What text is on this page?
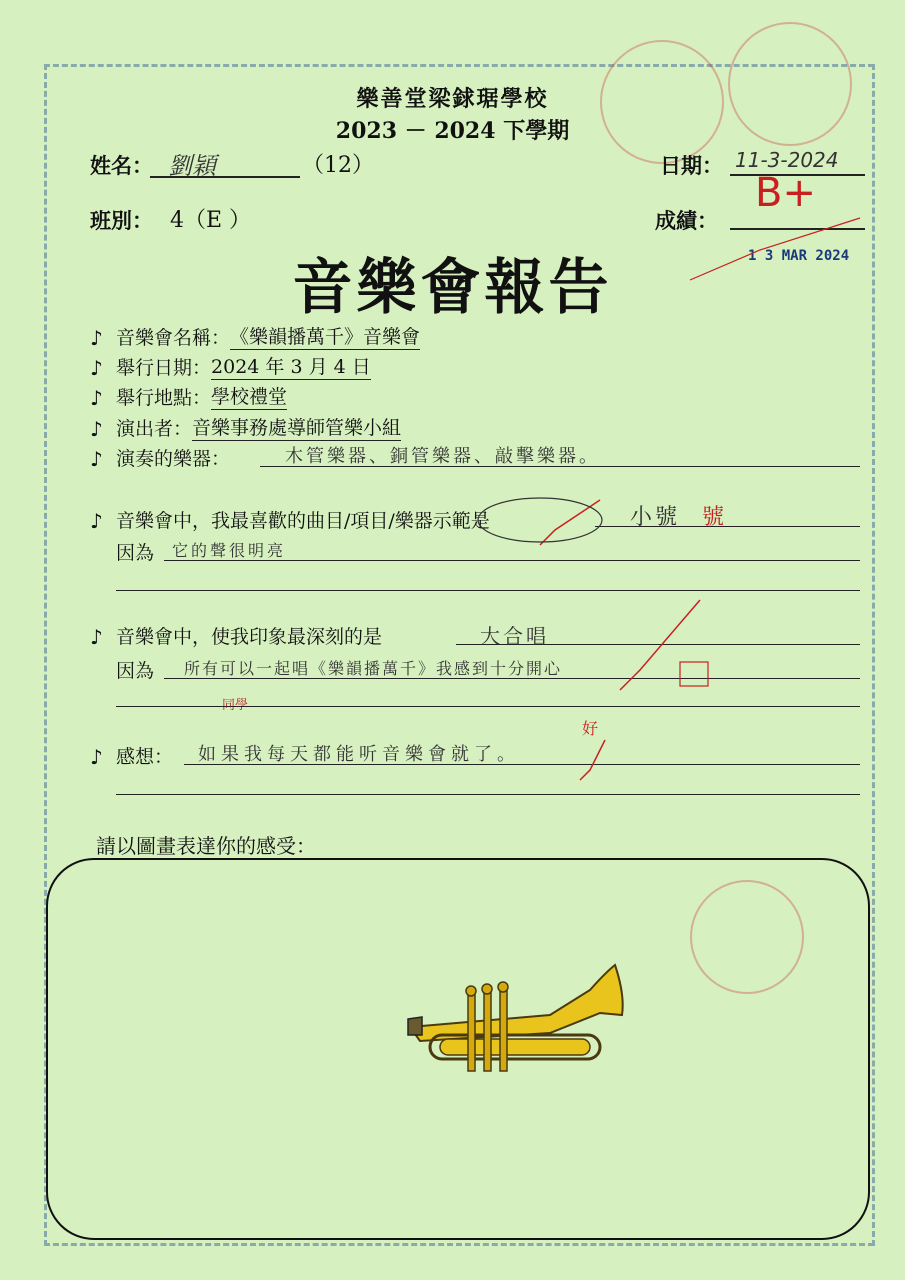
樂善堂梁銶琚學校
2023 － 2024 下學期
姓名： 劉穎	（12）	日期： 11-3-2024
班別： 4（E ）	成績：
B+
1 3 MAR 2024
音樂會報告
♪ 音樂會名稱： 《樂韻播萬千》音樂會
♪ 舉行日期： 2024 年 3 月 4 日
♪ 舉行地點： 學校禮堂
♪ 演出者： 音樂事務處導師管樂小組
♪ 演奏的樂器：	木管樂器、銅管樂器、敲擊樂器。
♪ 音樂會中，我最喜歡的曲目/項目/樂器示範是	小號 號
因為 它的聲很明亮
♪ 音樂會中，使我印象最深刻的是	大合唱
因為 所有可以一起唱《樂韻播萬千》我感到十分開心
同學
♪ 感想： 如果我每天都能听音樂會就了。
好
請以圖畫表達你的感受：
